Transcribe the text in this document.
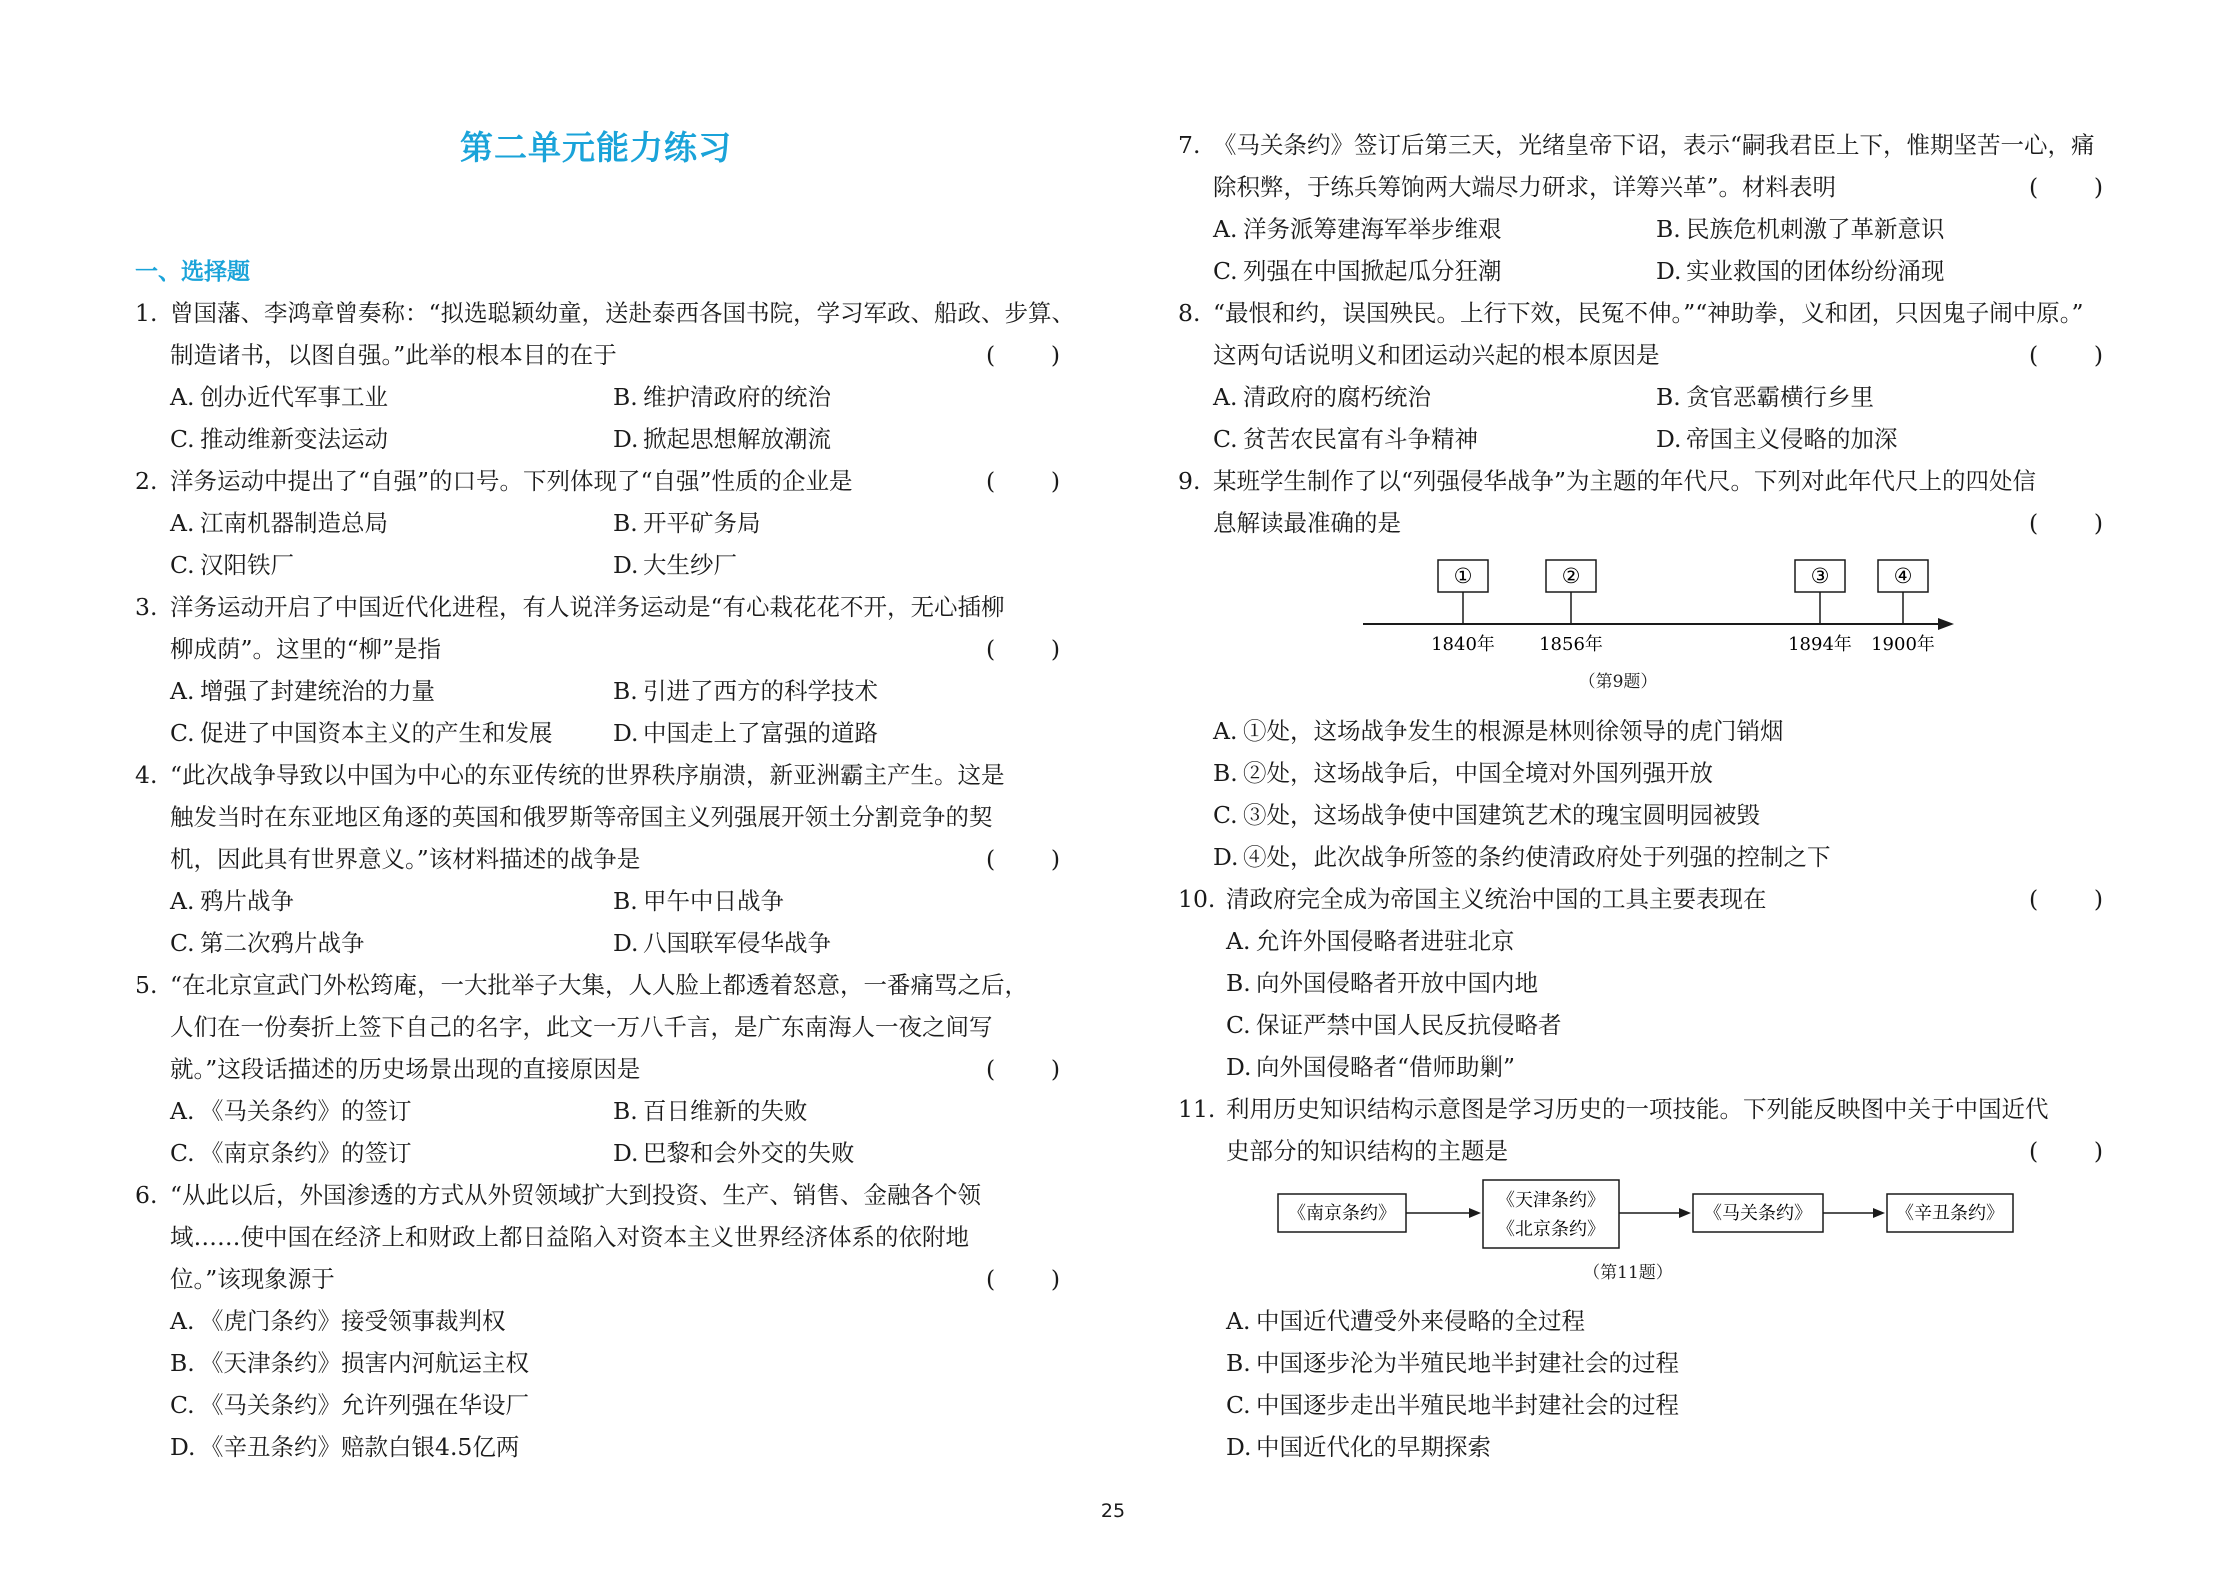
第二单元能力练习
一、选择题
1. 曾国藩、李鸿章曾奏称：“拟选聪颖幼童，送赴泰西各国书院，学习军政、船政、步算、
制造诸书，以图自强。”此举的根本目的在于	( )
A. 创办近代军事工业	B. 维护清政府的统治
C. 推动维新变法运动	D. 掀起思想解放潮流
2. 洋务运动中提出了“自强”的口号。下列体现了“自强”性质的企业是	( )
A. 江南机器制造总局	B. 开平矿务局
C. 汉阳铁厂	D. 大生纱厂
3. 洋务运动开启了中国近代化进程，有人说洋务运动是“有心栽花花不开，无心插柳
柳成荫”。这里的“柳”是指	( )
A. 增强了封建统治的力量	B. 引进了西方的科学技术
C. 促进了中国资本主义的产生和发展	D. 中国走上了富强的道路
4. “此次战争导致以中国为中心的东亚传统的世界秩序崩溃，新亚洲霸主产生。这是
触发当时在东亚地区角逐的英国和俄罗斯等帝国主义列强展开领土分割竞争的契
机，因此具有世界意义。”该材料描述的战争是	( )
A. 鸦片战争	B. 甲午中日战争
C. 第二次鸦片战争	D. 八国联军侵华战争
5. “在北京宣武门外松筠庵，一大批举子大集，人人脸上都透着怒意，一番痛骂之后，
人们在一份奏折上签下自己的名字，此文一万八千言，是广东南海人一夜之间写
就。”这段话描述的历史场景出现的直接原因是	( )
A. 《马关条约》的签订	B. 百日维新的失败
C. 《南京条约》的签订	D. 巴黎和会外交的失败
6. “从此以后，外国渗透的方式从外贸领域扩大到投资、生产、销售、金融各个领
域……使中国在经济上和财政上都日益陷入对资本主义世界经济体系的依附地
位。”该现象源于	( )
A. 《虎门条约》接受领事裁判权
B. 《天津条约》损害内河航运主权
C. 《马关条约》允许列强在华设厂
D. 《辛丑条约》赔款白银4.5亿两
7. 《马关条约》签订后第三天，光绪皇帝下诏，表示“嗣我君臣上下，惟期坚苦一心，痛
除积弊，于练兵筹饷两大端尽力研求，详筹兴革”。材料表明	( )
A. 洋务派筹建海军举步维艰	B. 民族危机刺激了革新意识
C. 列强在中国掀起瓜分狂潮	D. 实业救国的团体纷纷涌现
8. “最恨和约，误国殃民。上行下效，民冤不伸。”“神助拳，义和团，只因鬼子闹中原。”
这两句话说明义和团运动兴起的根本原因是	( )
A. 清政府的腐朽统治	B. 贪官恶霸横行乡里
C. 贫苦农民富有斗争精神	D. 帝国主义侵略的加深
9. 某班学生制作了以“列强侵华战争”为主题的年代尺。下列对此年代尺上的四处信
息解读最准确的是	( )
①
1840年
②
1856年
③
1894年
④
1900年
（第9题）
A. ①处，这场战争发生的根源是林则徐领导的虎门销烟
B. ②处，这场战争后，中国全境对外国列强开放
C. ③处，这场战争使中国建筑艺术的瑰宝圆明园被毁
D. ④处，此次战争所签的条约使清政府处于列强的控制之下
10. 清政府完全成为帝国主义统治中国的工具主要表现在	( )
A. 允许外国侵略者进驻北京
B. 向外国侵略者开放中国内地
C. 保证严禁中国人民反抗侵略者
D. 向外国侵略者“借师助剿”
11. 利用历史知识结构示意图是学习历史的一项技能。下列能反映图中关于中国近代
史部分的知识结构的主题是	( )
《南京条约》
《天津条约》
《北京条约》
《马关条约》	《辛丑条约》
（第11题）
A. 中国近代遭受外来侵略的全过程
B. 中国逐步沦为半殖民地半封建社会的过程
C. 中国逐步走出半殖民地半封建社会的过程
D. 中国近代化的早期探索
25
